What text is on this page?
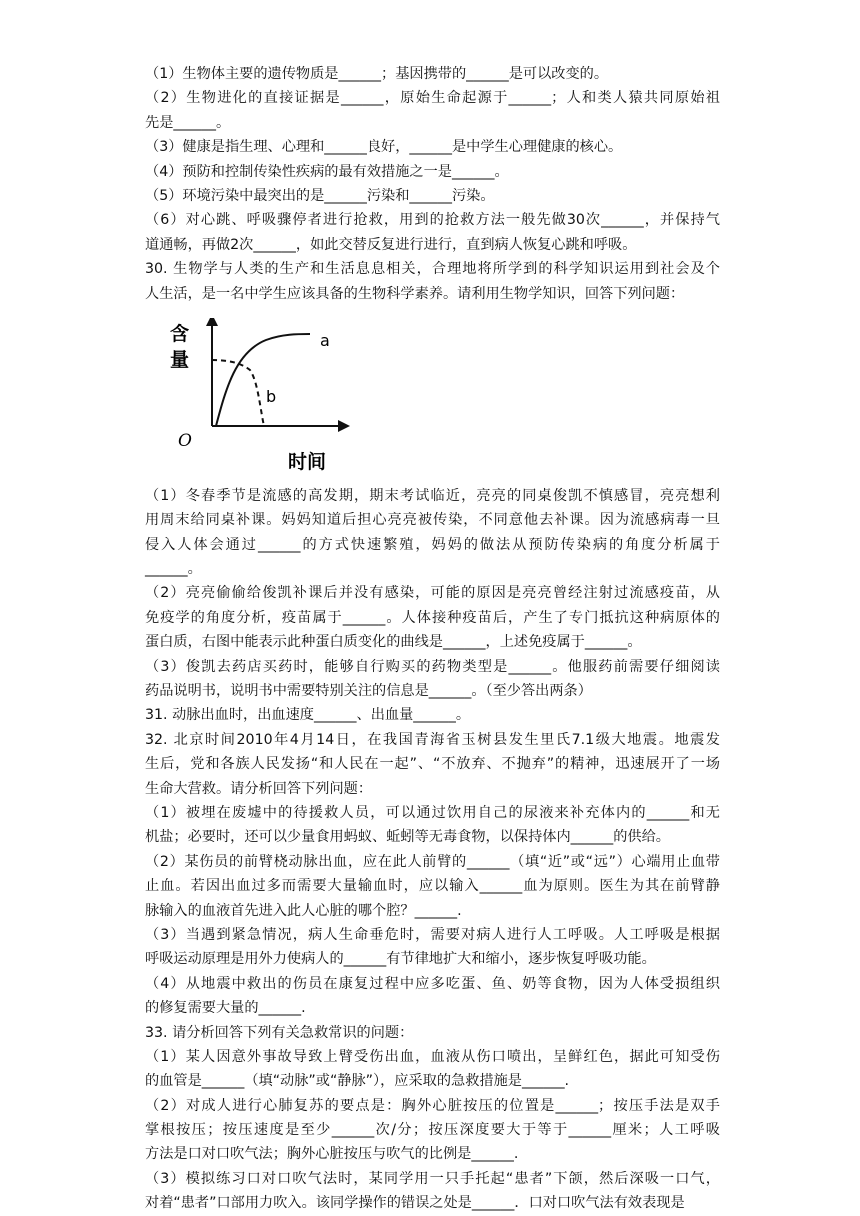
（1）生物体主要的遗传物质是______；基因携带的______是可以改变的。
（2）生物进化的直接证据是______，原始生命起源于______；人和类人猿共同原始祖
先是______。
（3）健康是指生理、心理和______良好，______是中学生心理健康的核心。
（4）预防和控制传染性疾病的最有效措施之一是______。
（5）环境污染中最突出的是______污染和______污染。
（6）对心跳、呼吸骤停者进行抢救，用到的抢救方法一般先做30次______，并保持气
道通畅，再做2次______，如此交替反复进行进行，直到病人恢复心跳和呼吸。
30. 生物学与人类的生产和生活息息相关，合理地将所学到的科学知识运用到社会及个
人生活，是一名中学生应该具备的生物科学素养。请利用生物学知识，回答下列问题：
含
量
O
时间
a
b
（1）冬春季节是流感的高发期，期末考试临近，亮亮的同桌俊凯不慎感冒，亮亮想利
用周末给同桌补课。妈妈知道后担心亮亮被传染，不同意他去补课。因为流感病毒一旦
侵入人体会通过______的方式快速繁殖，妈妈的做法从预防传染病的角度分析属于
______。
（2）亮亮偷偷给俊凯补课后并没有感染，可能的原因是亮亮曾经注射过流感疫苗，从
免疫学的角度分析，疫苗属于______。人体接种疫苗后，产生了专门抵抗这种病原体的
蛋白质，右图中能表示此种蛋白质变化的曲线是______，上述免疫属于______。
（3）俊凯去药店买药时，能够自行购买的药物类型是______。他服药前需要仔细阅读
药品说明书，说明书中需要特别关注的信息是______。（至少答出两条）
31. 动脉出血时，出血速度______、出血量______。
32. 北京时间2010年4月14日，在我国青海省玉树县发生里氏7.1级大地震。地震发
生后，党和各族人民发扬“和人民在一起”、“不放弃、不抛弃”的精神，迅速展开了一场
生命大营救。请分析回答下列问题：
（1）被埋在废墟中的待援救人员，可以通过饮用自己的尿液来补充体内的______和无
机盐；必要时，还可以少量食用蚂蚁、蚯蚓等无毒食物，以保持体内______的供给。
（2）某伤员的前臂桡动脉出血，应在此人前臂的______（填“近”或“远”）心端用止血带
止血。若因出血过多而需要大量输血时，应以输入______血为原则。医生为其在前臂静
脉输入的血液首先进入此人心脏的哪个腔？______.
（3）当遇到紧急情况，病人生命垂危时，需要对病人进行人工呼吸。人工呼吸是根据
呼吸运动原理是用外力使病人的______有节律地扩大和缩小，逐步恢复呼吸功能。
（4）从地震中救出的伤员在康复过程中应多吃蛋、鱼、奶等食物，因为人体受损组织
的修复需要大量的______.
33. 请分析回答下列有关急救常识的问题：
（1）某人因意外事故导致上臂受伤出血，血液从伤口喷出，呈鲜红色，据此可知受伤
的血管是______（填“动脉”或“静脉”），应采取的急救措施是______.
（2）对成人进行心肺复苏的要点是：胸外心脏按压的位置是______；按压手法是双手
掌根按压；按压速度是至少______次/分；按压深度要大于等于______厘米；人工呼吸
方法是口对口吹气法；胸外心脏按压与吹气的比例是______.
（3）模拟练习口对口吹气法时，某同学用一只手托起“患者”下颌，然后深吸一口气，
对着“患者”口部用力吹入。该同学操作的错误之处是______．口对口吹气法有效表现是
